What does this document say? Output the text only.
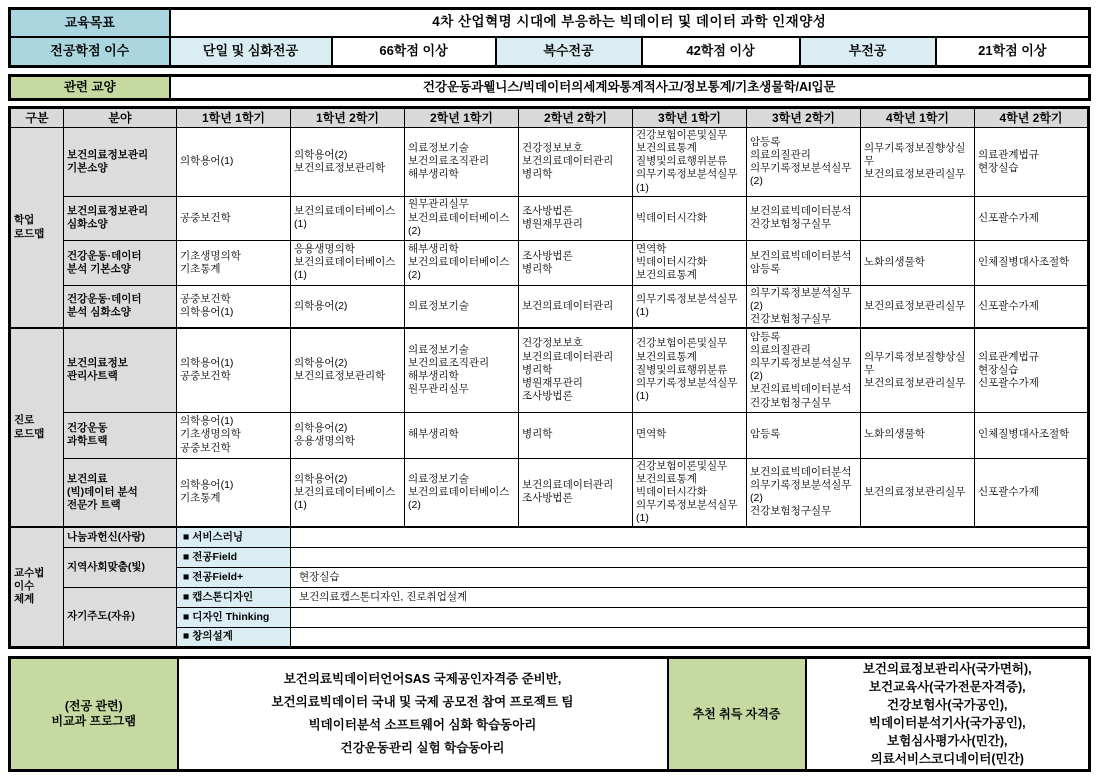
교육목표	4차 산업혁명 시대에 부응하는 빅데이터 및 데이터 과학 인재양성					
전공학점 이수	단일 및 심화전공	66학점 이상	복수전공	42학점 이상	부전공	21학점 이상
관련 교양	건강운동과웰니스/빅데이터의세계와통계적사고/정보통계/기초생물학/AI입문
구분	분야	1학년 1학기	1학년 2학기	2학년 1학기	2학년 2학기	3학년 1학기	3학년 2학기	4학년 1학기	4학년 2학기
학업
로드맵	보건의료정보관리
기본소양	의학용어(1)	의학용어(2)
보건의료정보관리학	의료정보기술
보건의료조직관리
해부생리학	건강정보보호
보건의료데이터관리
병리학	건강보험이론및실무
보건의료통계
질병및의료행위분류
의무기록정보분석실무(1)	암등록
의료의질관리
의무기록정보분석실무(2)	의무기록정보질향상실무
보건의료정보관리실무	의료관계법규
현장실습
	보건의료정보관리
심화소양	공중보건학	보건의료데이터베이스(1)	원무관리실무
보건의료데이터베이스(2)	조사방법론
병원재무관리	빅데이터시각화	보건의료빅데이터분석
건강보험청구실무		신포괄수가제
	건강운동·데이터
분석 기본소양	기초생명의학
기초통계	응용생명의학
보건의료데이터베이스(1)	해부생리학
보건의료데이터베이스(2)	조사방법론
병리학	면역학
빅데이터시각화
보건의료통계	보건의료빅데이터분석
암등록	노화의생물학	인체질병대사조절학
	건강운동·데이터
분석 심화소양	공중보건학
의학용어(1)	의학용어(2)	의료정보기술	보건의료데이터관리	의무기록정보분석실무(1)	의무기록정보분석실무(2)
건강보험청구실무	보건의료정보관리실무	신포괄수가제
진로
로드맵	보건의료정보
관리사트랙	의학용어(1)
공중보건학	의학용어(2)
보건의료정보관리학	의료정보기술
보건의료조직관리
해부생리학
원무관리실무	건강정보보호
보건의료데이터관리
병리학
병원재무관리
조사방법론	건강보험이론및실무
보건의료통계
질병및의료행위분류
의무기록정보분석실무(1)	암등록
의료의질관리
의무기록정보분석실무(2)
보건의료빅데이터분석
건강보험청구실무	의무기록정보질향상실무
보건의료정보관리실무	의료관계법규
현장실습
신포괄수가제
	건강운동
과학트랙	의학용어(1)
기초생명의학
공중보건학	의학용어(2)
응용생명의학	해부생리학	병리학	면역학	암등록	노화의생물학	인체질병대사조절학
	보건의료
(빅)데이터 분석
전문가 트랙	의학용어(1)
기초통계	의학용어(2)
보건의료데이터베이스(1)	의료정보기술
보건의료데이터베이스(2)	보건의료데이터관리
조사방법론	건강보험이론및실무
보건의료통계
빅데이터시각화
의무기록정보분석실무(1)	보건의료빅데이터분석
의무기록정보분석실무(2)
건강보험청구실무	보건의료정보관리실무	신포괄수가제
교수법
이수
체계	나눔과헌신(사랑)	■ 서비스러닝							
	지역사회맞춤(빛)	■ 전공Field							
		■ 전공Field+	현장실습						
	자기주도(자유)	■ 캡스톤디자인	보건의료캡스톤디자인, 진로취업설계						
		■ 디자인 Thinking							
		■ 창의설계							
(전공 관련)
비교과 프로그램	보건의료빅데이터언어SAS 국제공인자격증 준비반,
보건의료빅데이터 국내 및 국제 공모전 참여 프로젝트 팀
빅데이터분석 소프트웨어 심화 학습동아리
건강운동관리 실험 학습동아리	추천 취득 자격증	보건의료정보관리사(국가면허),
보건교육사(국가전문자격증),
건강보험사(국가공인),
빅데이터분석기사(국가공인),
보험심사평가사(민간),
의료서비스코디네이터(민간)
